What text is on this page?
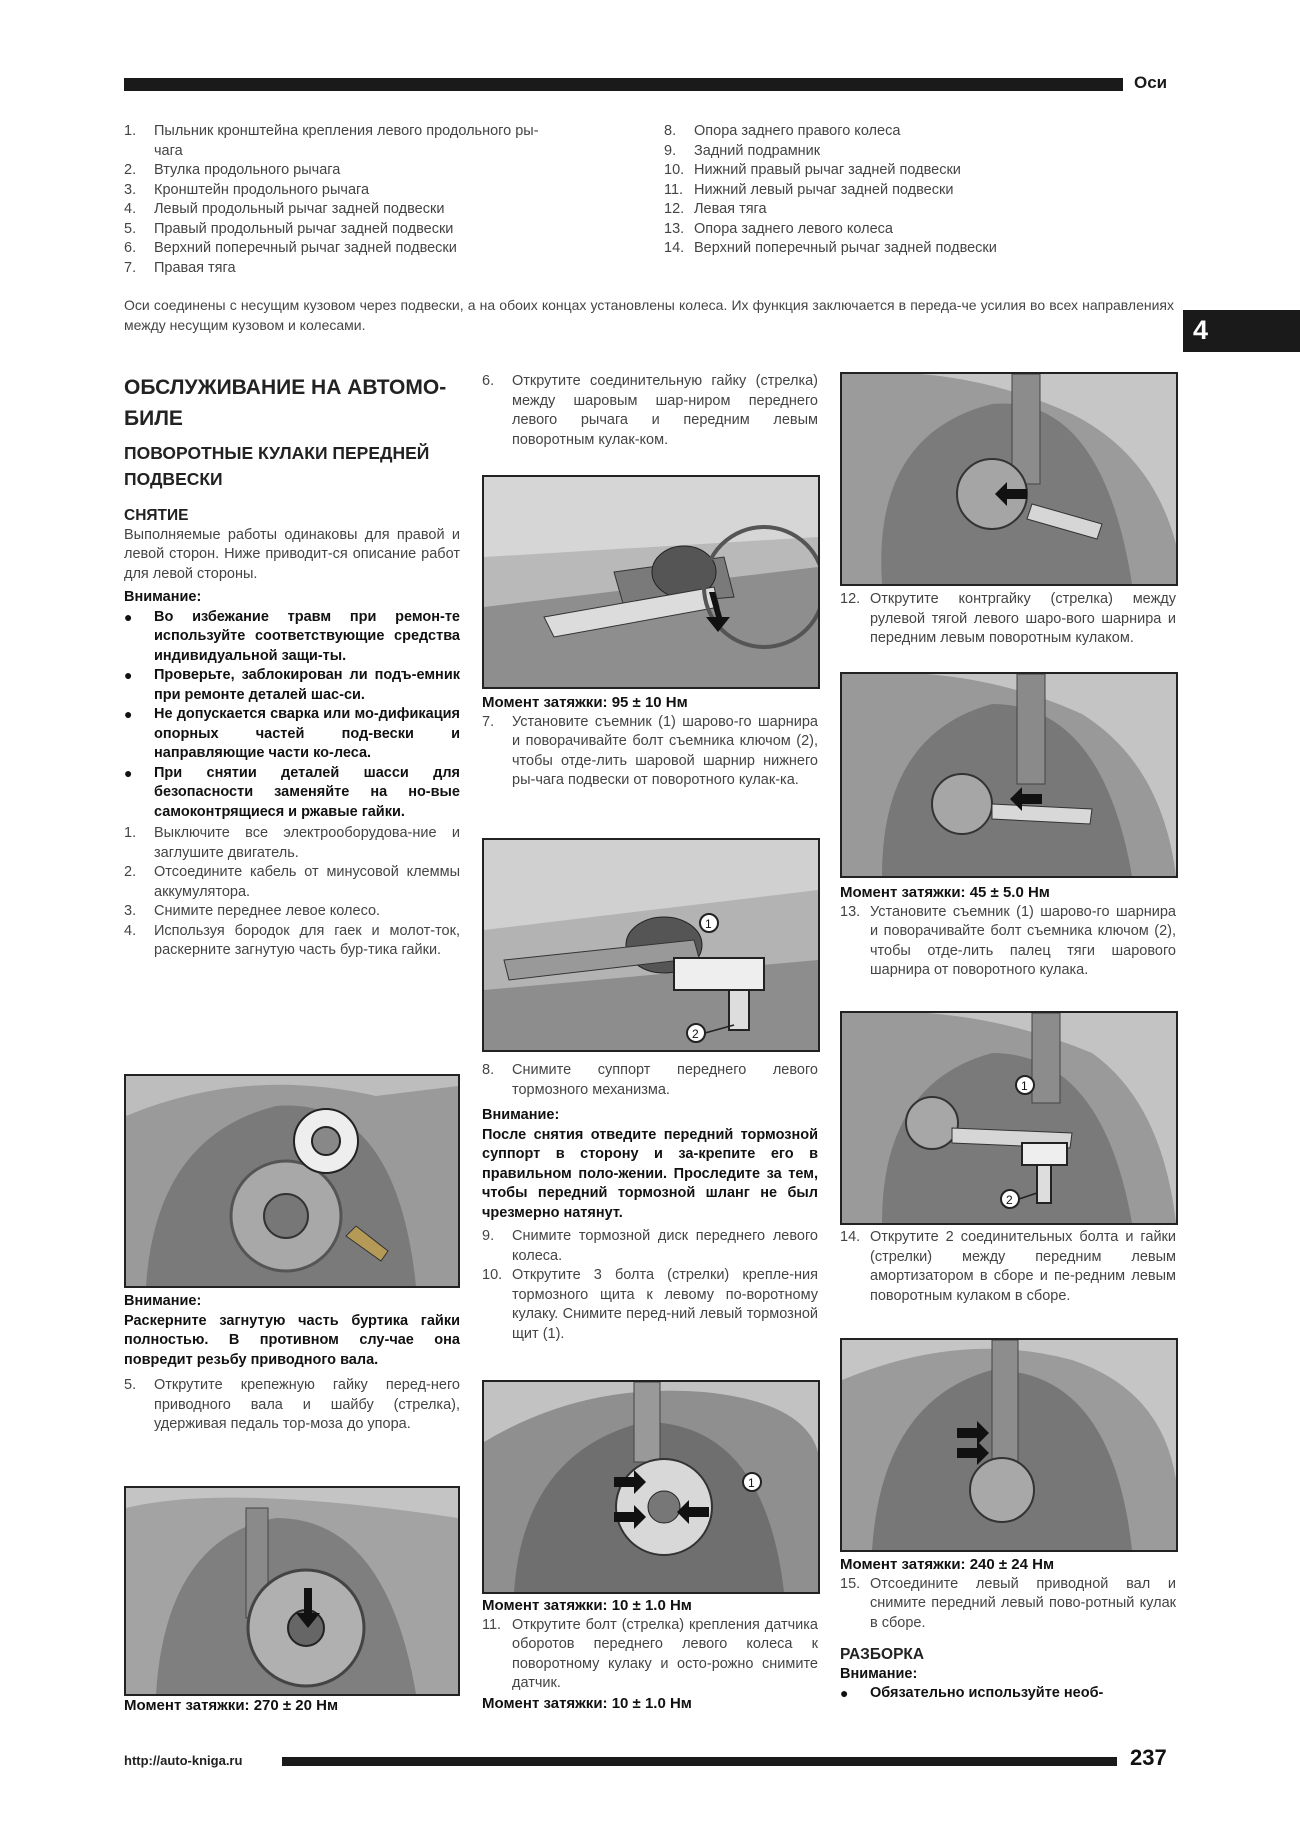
Оси
1. Пыльник кронштейна крепления левого продольного ры-
чага
2. Втулка продольного рычага
3. Кронштейн продольного рычага
4. Левый продольный рычаг задней подвески
5. Правый продольный рычаг задней подвески
6. Верхний поперечный рычаг задней подвески
7. Правая тяга
8. Опора заднего правого колеса
9. Задний подрамник
10. Нижний правый рычаг задней подвески
11. Нижний левый рычаг задней подвески
12. Левая тяга
13. Опора заднего левого колеса
14. Верхний поперечный рычаг задней подвески
Оси соединены с несущим кузовом через подвески, а на обоих концах установлены колеса. Их функция заключается в переда-че усилия во всех направлениях между несущим кузовом и колесами.	4
ОБСЛУЖИВАНИЕ НА АВТОМО-БИЛЕ
ПОВОРОТНЫЕ КУЛАКИ ПЕРЕДНЕЙ ПОДВЕСКИ
СНЯТИЕ
Выполняемые работы одинаковы для правой и левой сторон. Ниже приводит-ся описание работ для левой стороны.
Внимание:
●	Во избежание травм при ремон-те используйте соответствующие средства индивидуальной защи-ты.
●	Проверьте, заблокирован ли подъ-емник при ремонте деталей шас-си.
●	Не допускается сварка или мо-дификация опорных частей под-вески и направляющие части ко-леса.
●	При снятии деталей шасси для безопасности заменяйте на но-вые самоконтрящиеся и ржавые гайки.
1.	Выключите все электрооборудова-ние и заглушите двигатель.
2.	Отсоедините кабель от минусовой клеммы аккумулятора.
3.	Снимите переднее левое колесо.
4.	Используя бородок для гаек и молот-ток, раскерните загнутую часть бур-тика гайки.
Внимание:
Раскерните загнутую часть буртика гайки полностью. В противном слу-чае она повредит резьбу приводного вала.
5.	Открутите крепежную гайку перед-него приводного вала и шайбу (стрелка), удерживая педаль тор-моза до упора.
Момент затяжки: 270 ± 20 Нм
6.	Открутите соединительную гайку (стрелка) между шаровым шар-ниром переднего левого рычага и передним левым поворотным кулак-ком.
Момент затяжки: 95 ± 10 Нм
7.	Установите съемник (1) шарово-го шарнира и поворачивайте болт съемника ключом (2), чтобы отде-лить шаровой шарнир нижнего ры-чага подвески от поворотного кулак-ка.
1
2
8.	Снимите суппорт переднего левого тормозного механизма.
Внимание:
После снятия отведите передний тормозной суппорт в сторону и за-крепите его в правильном поло-жении. Проследите за тем, чтобы передний тормозной шланг не был чрезмерно натянут.
9.	Снимите тормозной диск переднего левого колеса.
10. Открутите 3 болта (стрелки) крепле-ния тормозного щита к левому по-воротному кулаку. Снимите перед-ний левый тормозной щит (1).
1
Момент затяжки: 10 ± 1.0 Нм
11. Открутите болт (стрелка) крепления датчика оборотов переднего левого колеса к поворотному кулаку и осто-рожно снимите датчик.
Момент затяжки: 10 ± 1.0 Нм
12. Открутите контргайку (стрелка) между рулевой тягой левого шаро-вого шарнира и передним левым поворотным кулаком.
Момент затяжки: 45 ± 5.0 Нм
13. Установите съемник (1) шарово-го шарнира и поворачивайте болт съемника ключом (2), чтобы отде-лить палец тяги шарового шарнира от поворотного кулака.
1
2
14. Открутите 2 соединительных болта и гайки (стрелки) между передним левым амортизатором в сборе и пе-редним левым поворотным кулаком в сборе.
Момент затяжки: 240 ± 24 Нм
15. Отсоедините левый приводной вал и снимите передний левый пово-ротный кулак в сборе.
РАЗБОРКА
Внимание:
●	Обязательно используйте необ-
http://auto-kniga.ru	237
